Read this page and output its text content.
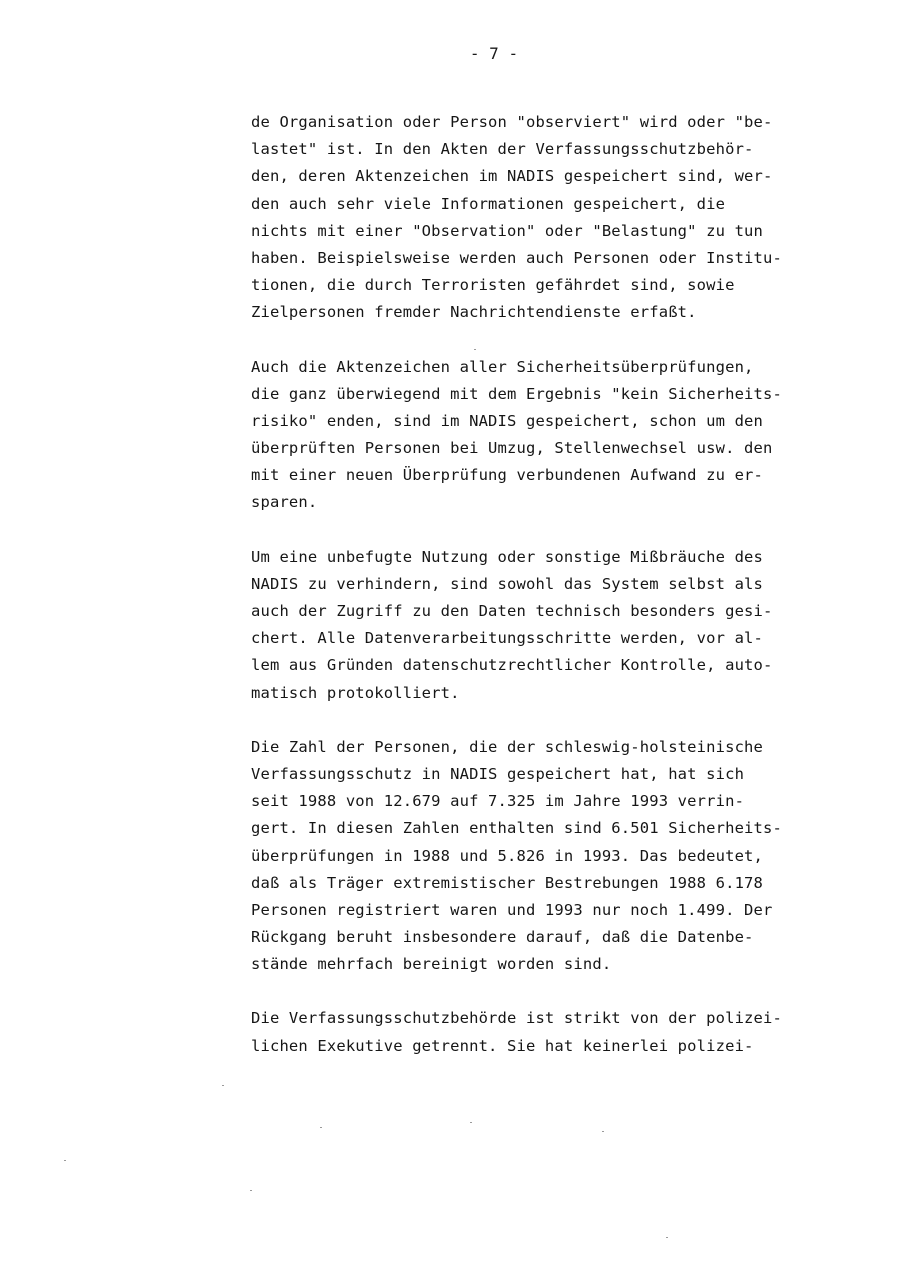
- 7 -

de Organisation oder Person "observiert" wird oder "be-
lastet" ist. In den Akten der Verfassungsschutzbehör-
den, deren Aktenzeichen im NADIS gespeichert sind, wer-
den auch sehr viele Informationen gespeichert, die
nichts mit einer "Observation" oder "Belastung" zu tun
haben. Beispielsweise werden auch Personen oder Institu-
tionen, die durch Terroristen gefährdet sind, sowie
Zielpersonen fremder Nachrichtendienste erfaßt.

Auch die Aktenzeichen aller Sicherheitsüberprüfungen,
die ganz überwiegend mit dem Ergebnis "kein Sicherheits-
risiko" enden, sind im NADIS gespeichert, schon um den
überprüften Personen bei Umzug, Stellenwechsel usw. den
mit einer neuen Überprüfung verbundenen Aufwand zu er-
sparen.

Um eine unbefugte Nutzung oder sonstige Mißbräuche des
NADIS zu verhindern, sind sowohl das System selbst als
auch der Zugriff zu den Daten technisch besonders gesi-
chert. Alle Datenverarbeitungsschritte werden, vor al-
lem aus Gründen datenschutzrechtlicher Kontrolle, auto-
matisch protokolliert.

Die Zahl der Personen, die der schleswig-holsteinische
Verfassungsschutz in NADIS gespeichert hat, hat sich
seit 1988 von 12.679 auf 7.325 im Jahre 1993 verrin-
gert. In diesen Zahlen enthalten sind 6.501 Sicherheits-
überprüfungen in 1988 und 5.826 in 1993. Das bedeutet,
daß als Träger extremistischer Bestrebungen 1988 6.178
Personen registriert waren und 1993 nur noch 1.499. Der
Rückgang beruht insbesondere darauf, daß die Datenbe-
stände mehrfach bereinigt worden sind.

Die Verfassungsschutzbehörde ist strikt von der polizei-
lichen Exekutive getrennt. Sie hat keinerlei polizei-
